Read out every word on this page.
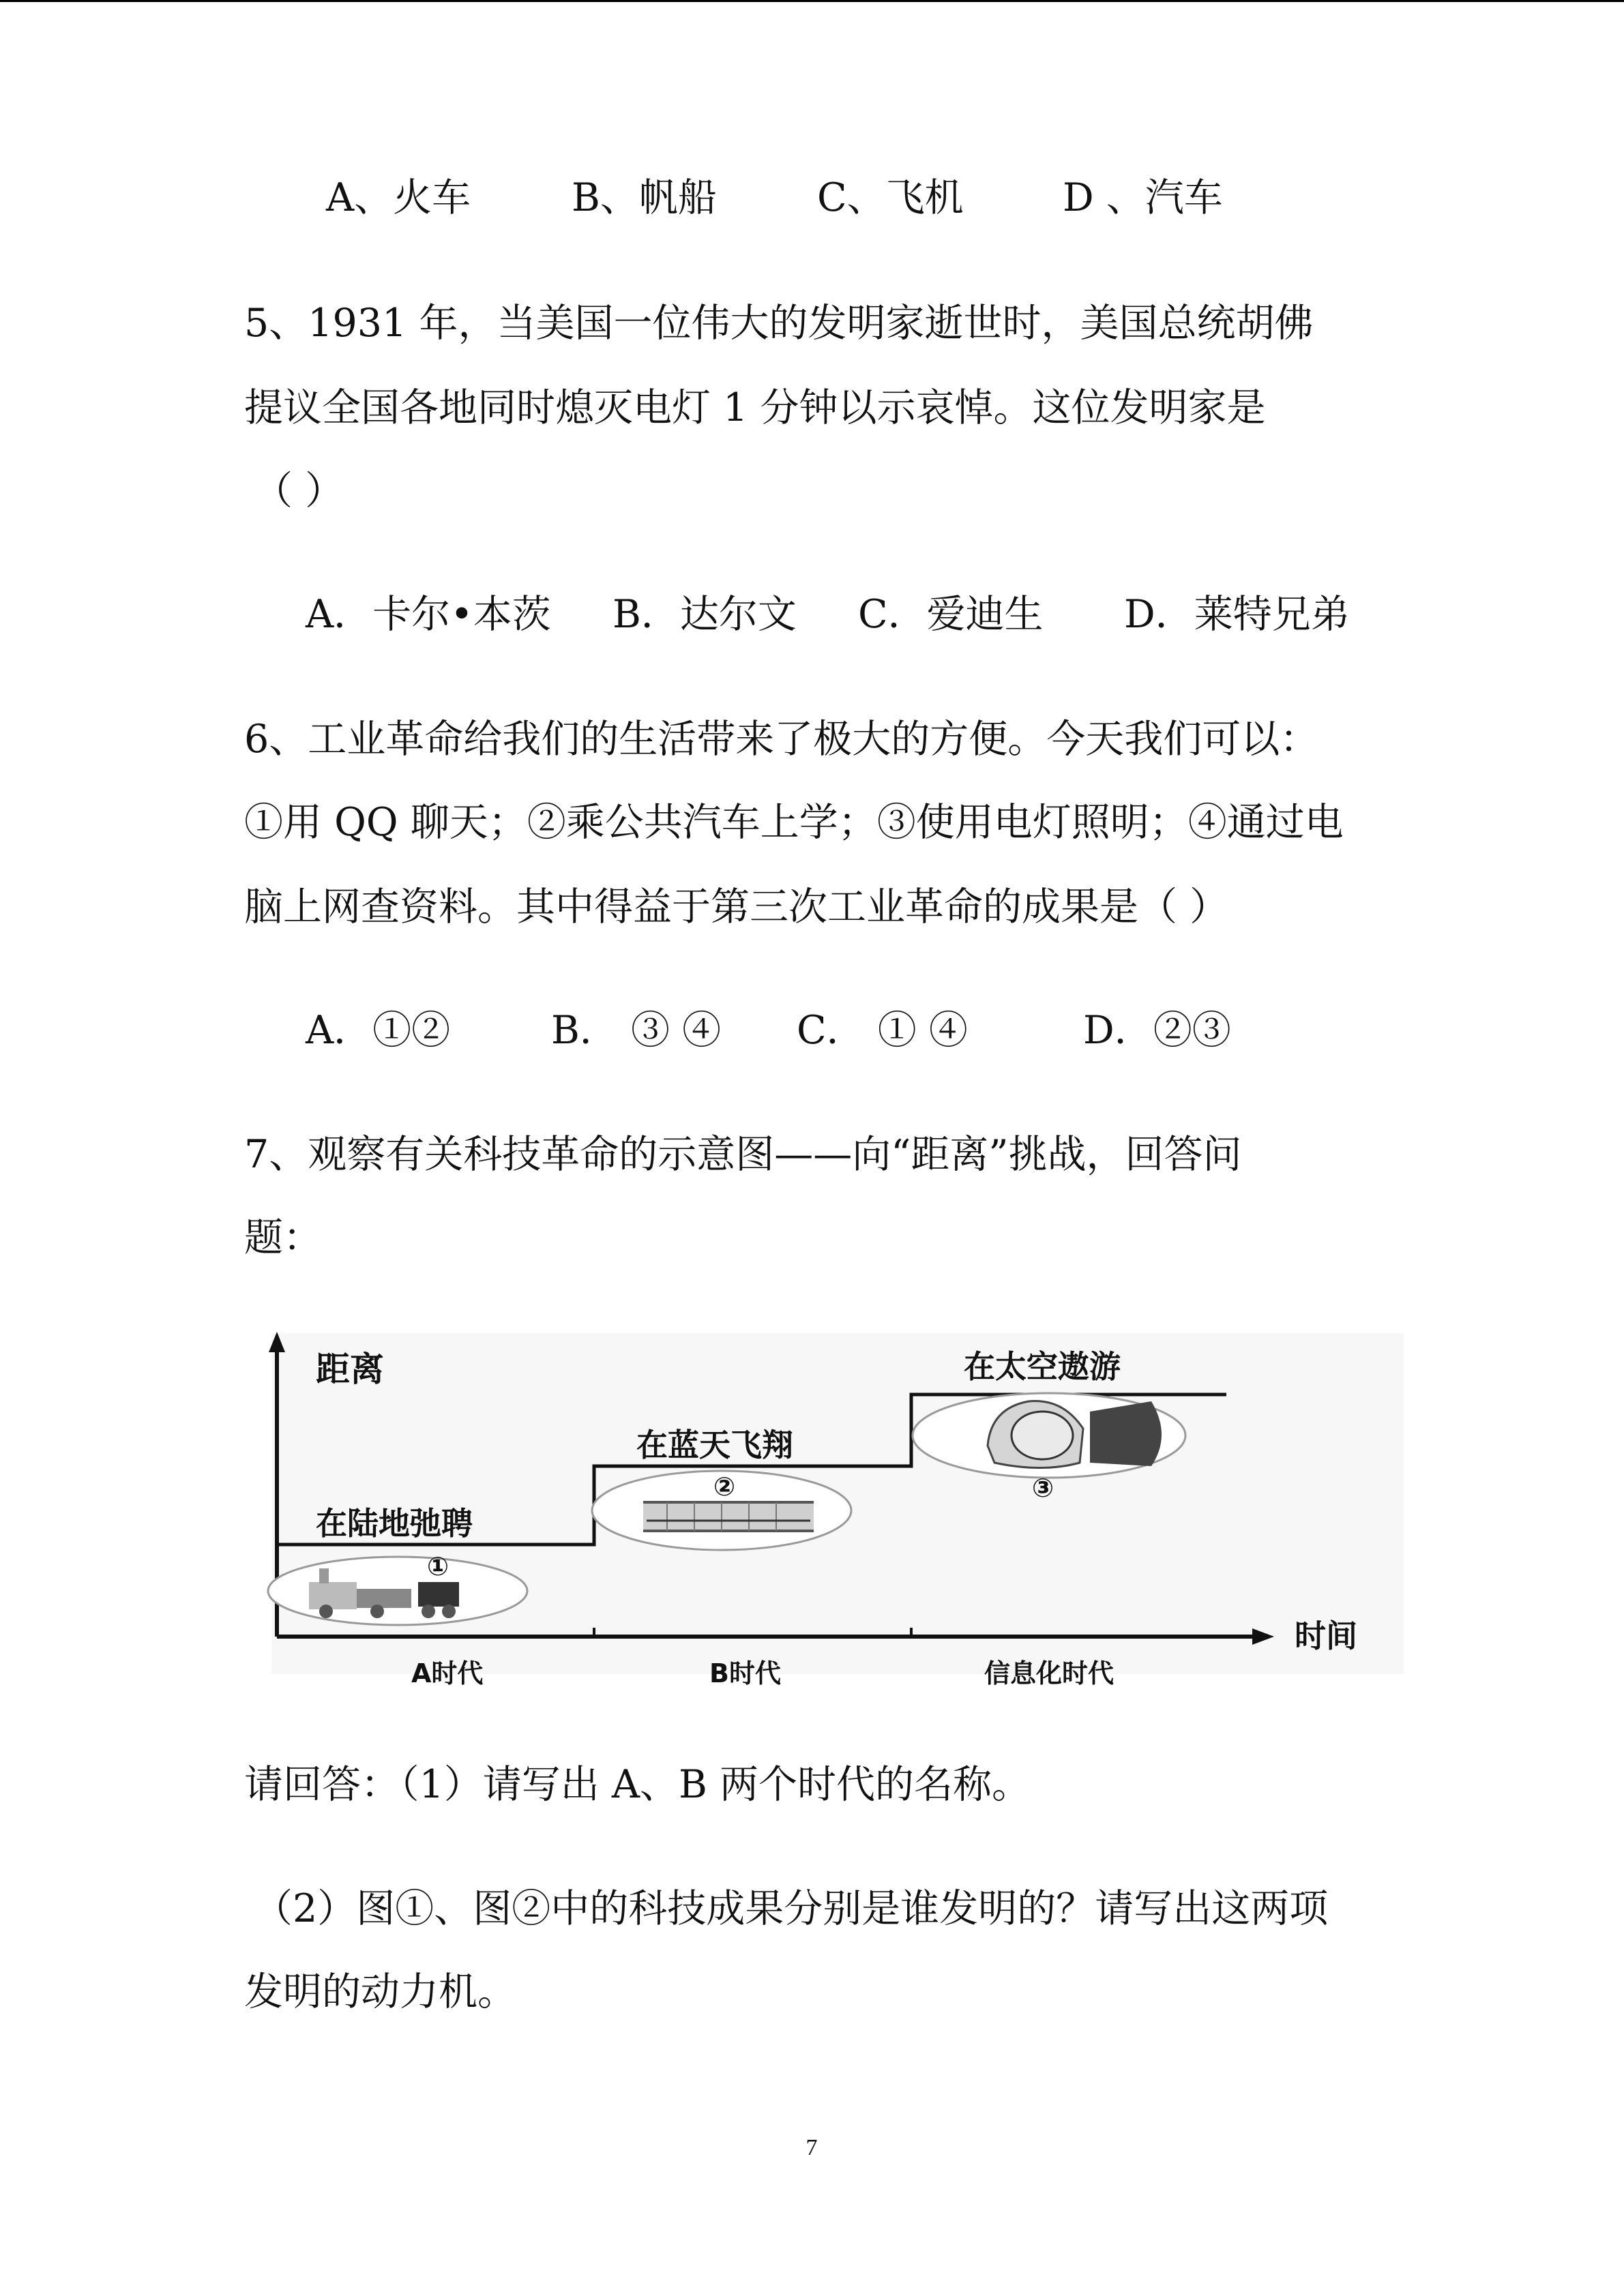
A、火车	B、帆船	C、飞机	D 、汽车
5、1931 年，当美国一位伟大的发明家逝世时，美国总统胡佛
提议全国各地同时熄灭电灯 1 分钟以示哀悼。这位发明家是
（ ）
A．卡尔•本茨 B．达尔文 C．爱迪生 D．莱特兄弟
6、工业革命给我们的生活带来了极大的方便。今天我们可以：
①用 QQ 聊天；②乘公共汽车上学；③使用电灯照明；④通过电
脑上网查资料。其中得益于第三次工业革命的成果是（ ）
A．①②	B． ③ ④ C． ① ④	D．②③
7、观察有关科技革命的示意图——向“距离”挑战，回答问
题：
距离
时间
在陆地弛聘
在蓝天飞翔
在太空遨游
①
②	③
A时代	B时代	信息化时代
请回答：（1）请写出 A、B 两个时代的名称。
（2）图①、图②中的科技成果分别是谁发明的？请写出这两项
发明的动力机。
7
